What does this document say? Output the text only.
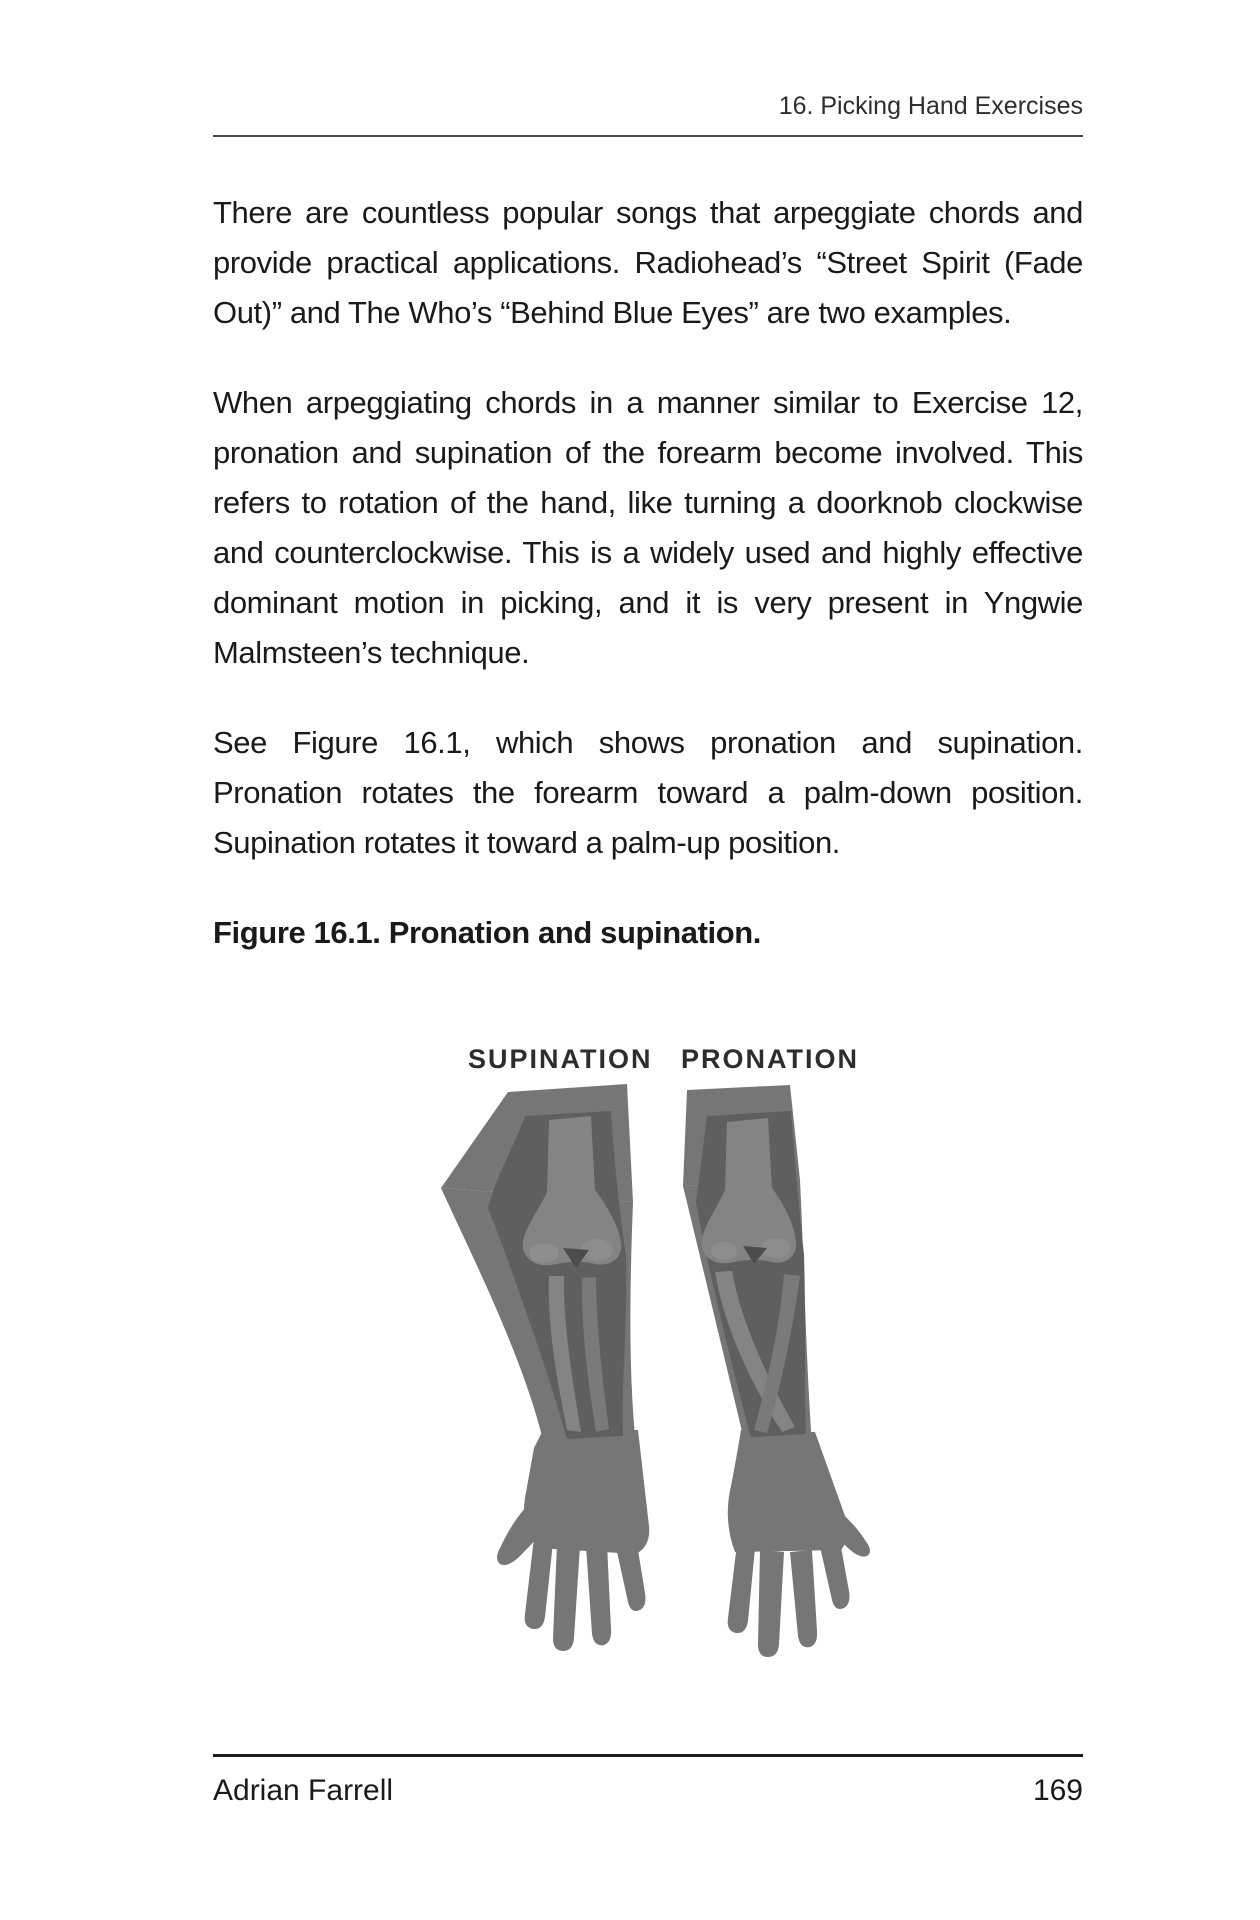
16. Picking Hand Exercises

There are countless popular songs that arpeggiate chords and provide practical applications. Radiohead’s “Street Spirit (Fade Out)” and The Who’s “Behind Blue Eyes” are two examples.

When arpeggiating chords in a manner similar to Exercise 12, pronation and supination of the forearm become involved. This refers to rotation of the hand, like turning a doorknob clockwise and counterclockwise. This is a widely used and highly effective dominant motion in picking, and it is very present in Yngwie Malmsteen’s technique.

See Figure 16.1, which shows pronation and supination. Pronation rotates the forearm toward a palm-down position. Supination rotates it toward a palm-up position.

Figure 16.1. Pronation and supination.

SUPINATION PRONATION
Adrian Farrell	169
